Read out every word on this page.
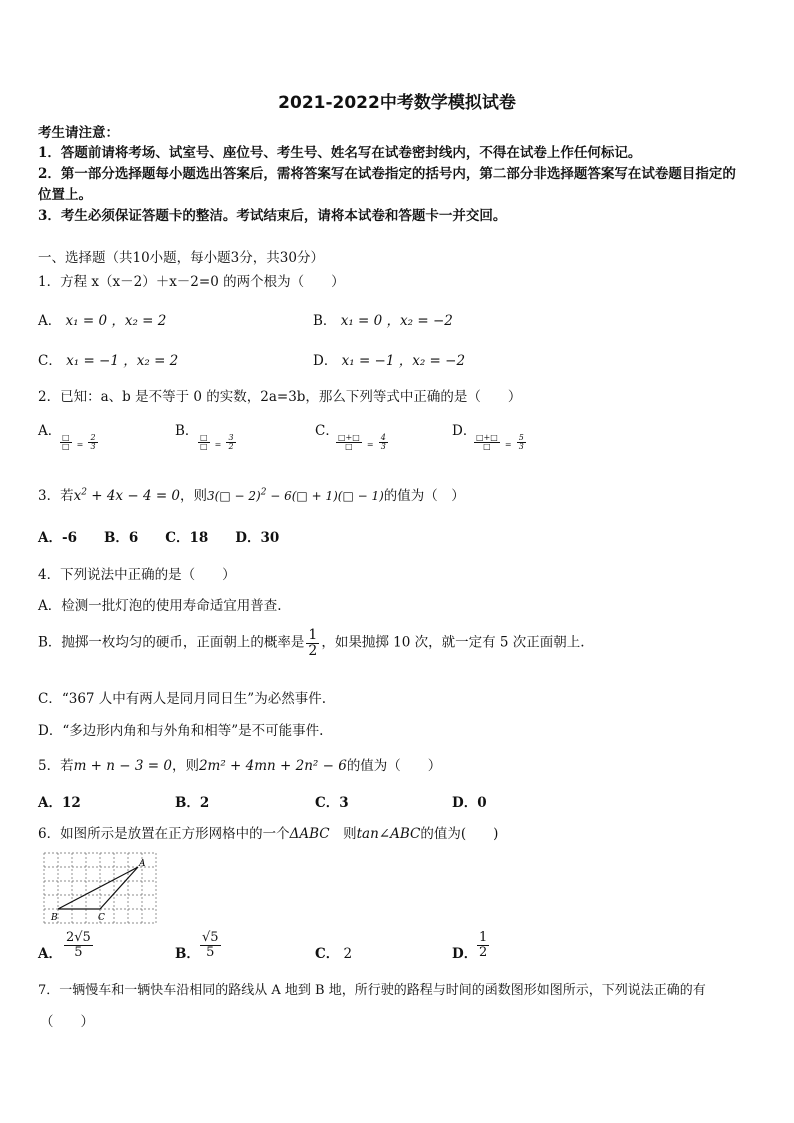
2021-2022中考数学模拟试卷
考生请注意：
1．答题前请将考场、试室号、座位号、考生号、姓名写在试卷密封线内，不得在试卷上作任何标记。
2．第一部分选择题每小题选出答案后，需将答案写在试卷指定的括号内，第二部分非选择题答案写在试卷题目指定的
位置上。
3．考生必须保证答题卡的整洁。考试结束后，请将本试卷和答题卡一并交回。
一、选择题（共10小题，每小题3分，共30分）
1．方程 x（x－2）＋x－2=0 的两个根为（　　）
A． x₁ = 0 ，x₂ = 2	B． x₁ = 0 ，x₂ = −2
C． x₁ = −1 ，x₂ = 2	D． x₁ = −1 ，x₂ = −2
2．已知：a、b 是不等于 0 的实数，2a=3b，那么下列等式中正确的是（　　）
A．
$\frac{□}{□} = \frac{2}{3}$
B．
$\frac{□}{□} = \frac{3}{2}$
C．
$\frac{□+□}{□} = \frac{4}{3}$
D．
$\frac{□+□}{□} = \frac{5}{3}$
3．若$x^2 + 4x - 4 = 0$，则3(□ − 2)$^2$ − 6(□ + 1)(□ − 1)的值为（　）
A．-6　　B．6　　C．18　　D．30
4．下列说法中正确的是（　　）
A．检测一批灯泡的使用寿命适宜用普查.
B．抛掷一枚均匀的硬币，正面朝上的概率是 $\frac{1}{2}$ ，如果抛掷 10 次，就一定有 5 次正面朝上.
C．“367 人中有两人是同月同日生”为必然事件.
D．“多边形内角和与外角和相等”是不可能事件.
5．若m + n − 3 = 0，则2m² + 4mn + 2n² − 6的值为（　　）
A．12	B．2	C．3	D．0
6．如图所示是放置在正方形网格中的一个ΔABC　则tan∠ABC的值为(　　)
A
B	C
A． $\frac{2√5}{5}$	B． $\frac{√5}{5}$	C． 2	D． $\frac{1}{2}$
7．一辆慢车和一辆快车沿相同的路线从 A 地到 B 地，所行驶的路程与时间的函数图形如图所示，下列说法正确的有
（　　）
